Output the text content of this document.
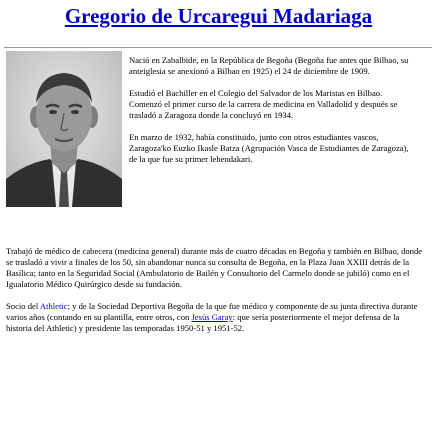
Gregorio de Urcaregui Madariaga

Nació en Zabalbide, en la República de Begoña (Begoña fue antes que Bilbao, su anteiglesia se anexionó a Bilbao en 1925) el 24 de diciembre de 1909.

Estudió el Bachiller en el Colegio del Salvador de los Maristas en Bilbao. Comenzó el primer curso de la carrera de medicina en Valladolid y después se trasladó a Zaragoza donde la concluyó en 1934.

En marzo de 1932, había constituido, junto con otros estudiantes vascos, Zaragoza'ko Euzko Ikasle Batza (Agrupación Vasca de Estudiantes de Zaragoza), de la que fue su primer lehendakari.

Trabajó de médico de cabecera (medicina general) durante más de cuatro décadas en Begoña y también en Bilbao, donde se trasladó a vivir a finales de los 50, sin abandonar nunca su consulta de Begoña, en la Plaza Juan XXIII detrás de la Basílica; tanto en la Seguridad Social (Ambulatorio de Bailén y Consultorio del Carmelo donde se jubiló) como en el Igualatorio Médico Quirúrgico desde su fundación.

Socio del Athletic; y de la Sociedad Deportiva Begoña de la que fue médico y componente de su junta directiva durante varios años (contando en su plantilla, entre otros, con Jesús Garay: que sería posteriormente el mejor defensa de la historia del Athletic) y presidente las temporadas 1950-51 y 1951-52.
